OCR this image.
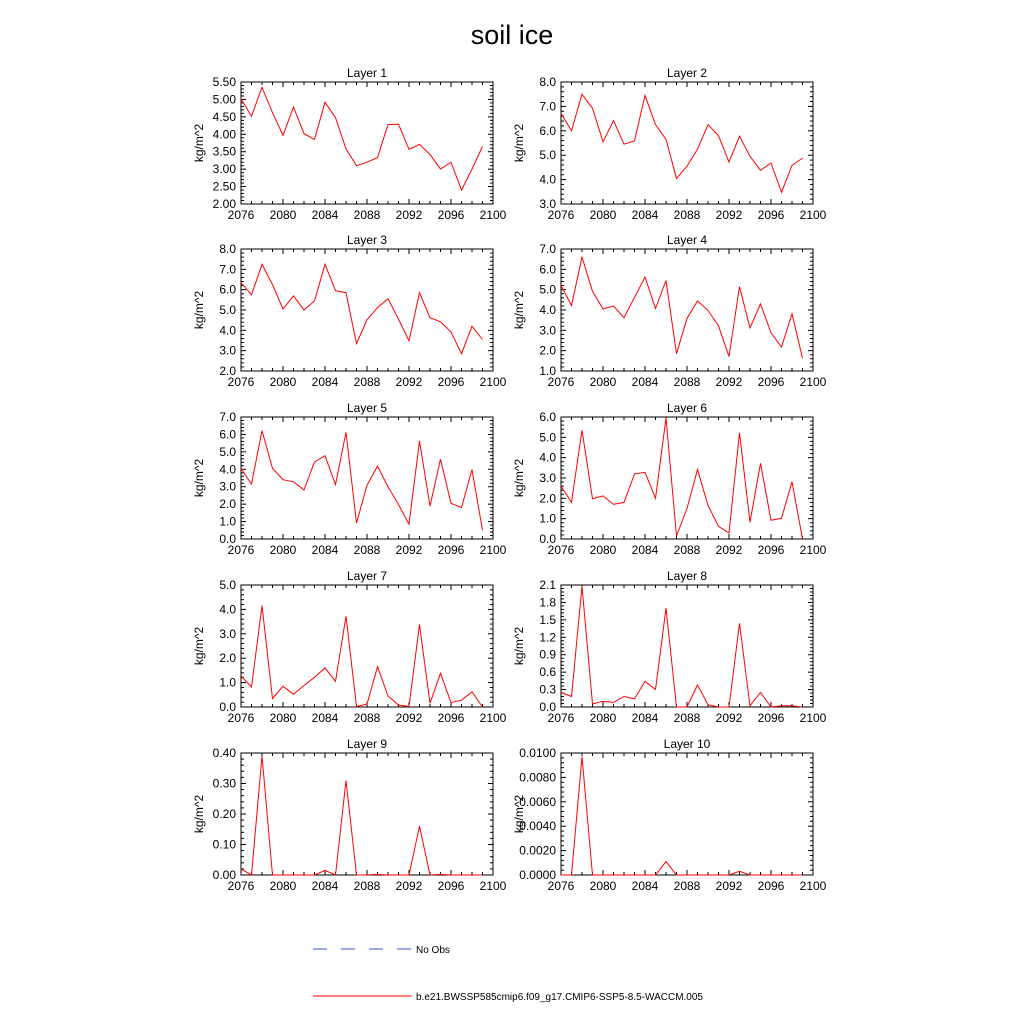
soil ice
Layer 1
kg/m^2
2076 2080 2084 2088 2092 2096 2100
2.00
2.50
3.00
3.50
4.00
4.50
5.00
5.50
Layer 2
kg/m^2
2076 2080 2084 2088 2092 2096 2100
3.0
4.0
5.0
6.0
7.0
8.0
Layer 3
kg/m^2
2076 2080 2084 2088 2092 2096 2100
2.0
3.0
4.0
5.0
6.0
7.0
8.0
Layer 4
kg/m^2
2076 2080 2084 2088 2092 2096 2100
1.0
2.0
3.0
4.0
5.0
6.0
7.0
Layer 5
kg/m^2
2076 2080 2084 2088 2092 2096 2100
0.0
1.0
2.0
3.0
4.0
5.0
6.0
7.0
Layer 6
kg/m^2
2076 2080 2084 2088 2092 2096 2100
0.0
1.0
2.0
3.0
4.0
5.0
6.0
Layer 7
kg/m^2
2076 2080 2084 2088 2092 2096 2100
0.0
1.0
2.0
3.0
4.0
5.0
Layer 8
kg/m^2
2076 2080 2084 2088 2092 2096 2100
0.0
0.3
0.6
0.9
1.2
1.5
1.8
2.1
Layer 9
kg/m^2
2076 2080 2084 2088 2092 2096 2100
0.00
0.10
0.20
0.30
0.40
Layer 10
kg/m^2
2076 2080 2084 2088 2092 2096 2100
0.0000
0.0020
0.0040
0.0060
0.0080
0.0100
No Obs
b.e21.BWSSP585cmip6.f09_g17.CMIP6-SSP5-8.5-WACCM.005
